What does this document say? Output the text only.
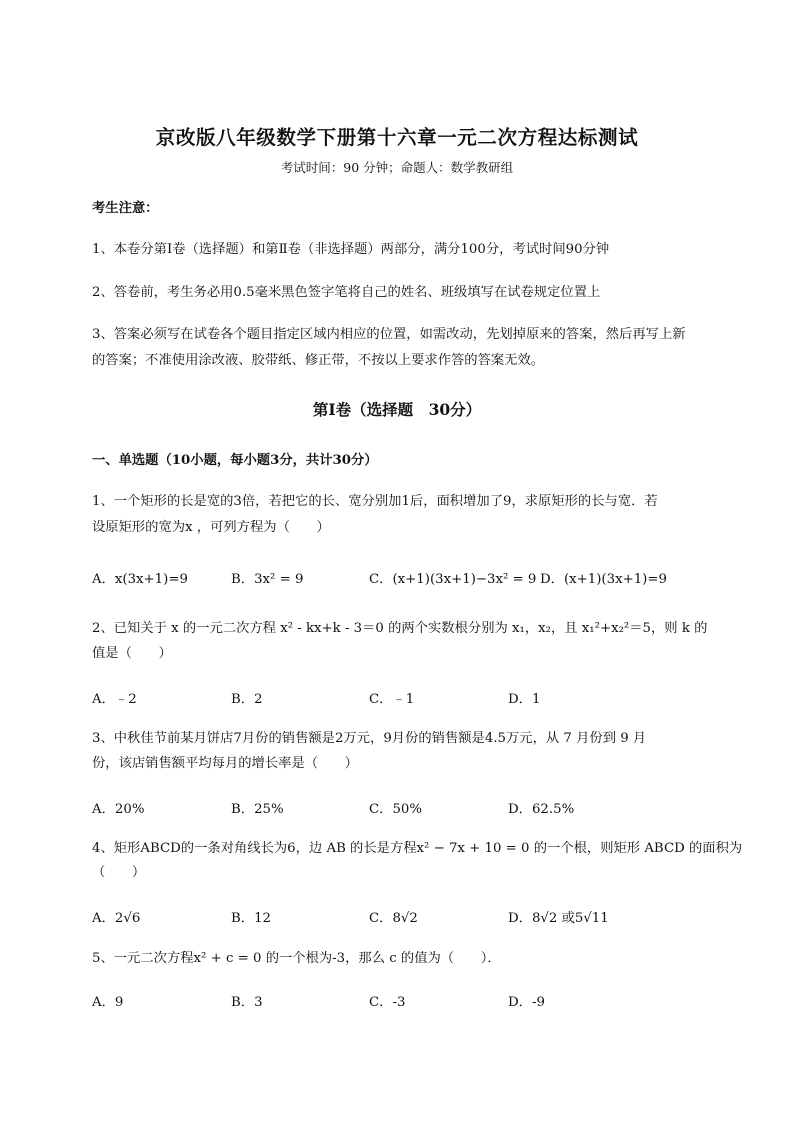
京改版八年级数学下册第十六章一元二次方程达标测试
考试时间：90 分钟；命题人：数学教研组
考生注意：
1、本卷分第Ⅰ卷（选择题）和第Ⅱ卷（非选择题）两部分，满分100分，考试时间90分钟
2、答卷前，考生务必用0.5毫米黑色签字笔将自己的姓名、班级填写在试卷规定位置上
3、答案必须写在试卷各个题目指定区域内相应的位置，如需改动，先划掉原来的答案，然后再写上新
的答案；不准使用涂改液、胶带纸、修正带，不按以上要求作答的答案无效。
第Ⅰ卷（选择题　30分）
一、单选题（10小题，每小题3分，共计30分）
1、一个矩形的长是宽的3倍，若把它的长、宽分别加1后，面积增加了9，求原矩形的长与宽．若
设原矩形的宽为x ，可列方程为（　　）
A．x(3x+1)=9	B．3x² = 9	C．(x+1)(3x+1)−3x² = 9 D．(x+1)(3x+1)=9
2、已知关于 x 的一元二次方程 x² - kx+k - 3＝0 的两个实数根分别为 x₁，x₂，且 x₁²+x₂²＝5，则 k 的
值是（　　）
A．﹣2	B．2	C．﹣1	D．1
3、中秋佳节前某月饼店7月份的销售额是2万元，9月份的销售额是4.5万元，从 7 月份到 9 月
份，该店销售额平均每月的增长率是（　　）
A．20%	B．25%	C．50%	D．62.5%
4、矩形ABCD的一条对角线长为6，边 AB 的长是方程x² − 7x + 10 = 0 的一个根，则矩形 ABCD 的面积为
（　　）
A．2√6	B．12	C．8√2	D．8√2 或5√11
5、一元二次方程x² + c = 0 的一个根为-3，那么 c 的值为（　　）．
A．9	B．3	C．-3	D．-9
